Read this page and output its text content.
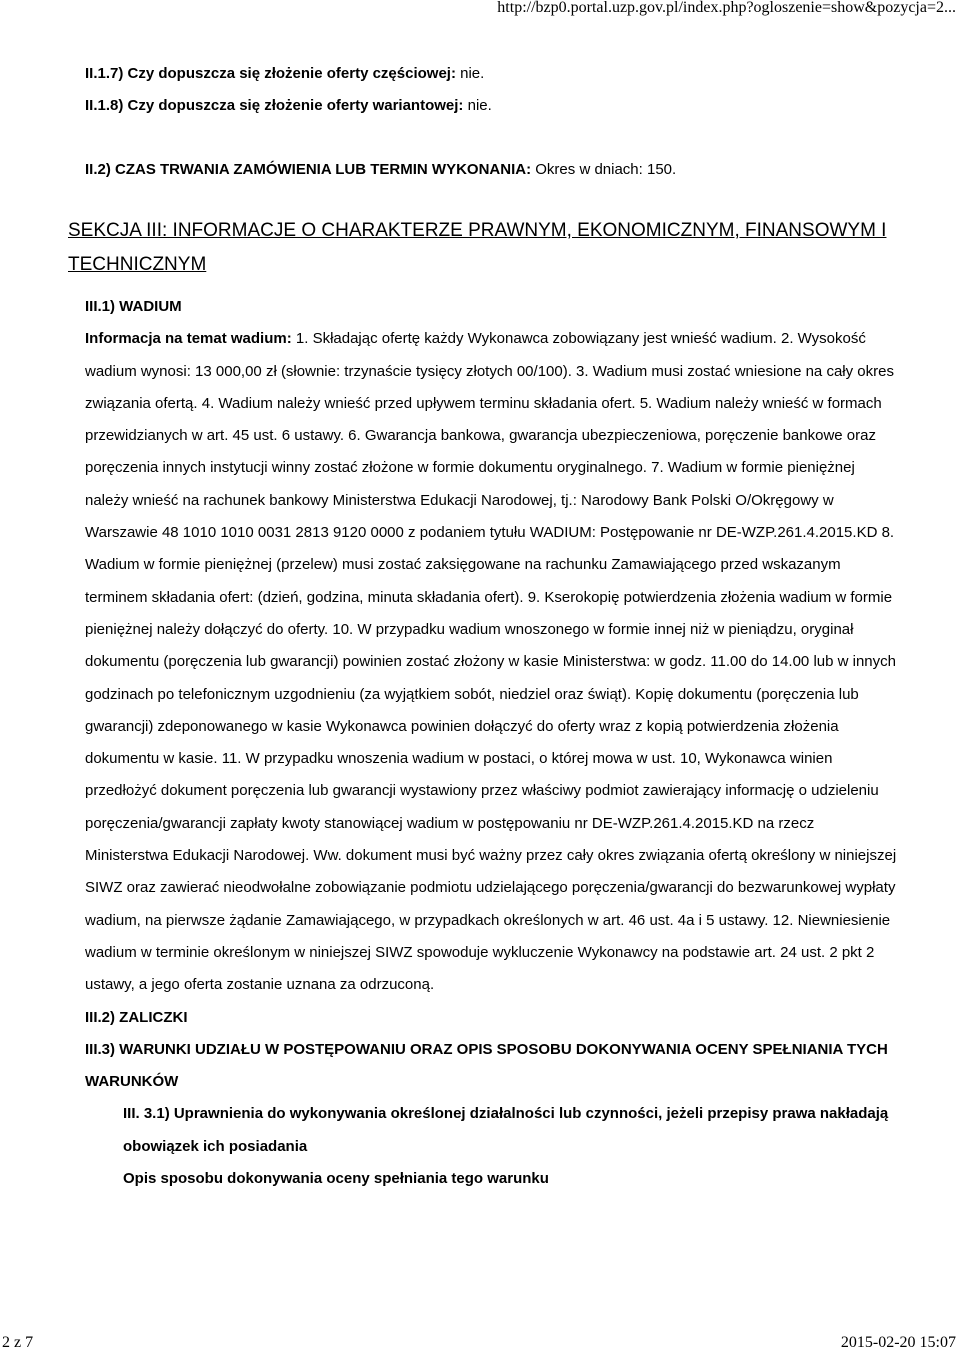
http://bzp0.portal.uzp.gov.pl/index.php?ogloszenie=show&pozycja=2...

II.1.7) Czy dopuszcza się złożenie oferty częściowej: nie.

II.1.8) Czy dopuszcza się złożenie oferty wariantowej: nie.

II.2) CZAS TRWANIA ZAMÓWIENIA LUB TERMIN WYKONANIA: Okres w dniach: 150.

SEKCJA III: INFORMACJE O CHARAKTERZE PRAWNYM, EKONOMICZNYM, FINANSOWYM I TECHNICZNYM

III.1) WADIUM

Informacja na temat wadium: 1. Składając ofertę każdy Wykonawca zobowiązany jest wnieść wadium. 2. Wysokość wadium wynosi: 13 000,00 zł (słownie: trzynaście tysięcy złotych 00/100). 3. Wadium musi zostać wniesione na cały okres związania ofertą. 4. Wadium należy wnieść przed upływem terminu składania ofert. 5. Wadium należy wnieść w formach przewidzianych w art. 45 ust. 6 ustawy. 6. Gwarancja bankowa, gwarancja ubezpieczeniowa, poręczenie bankowe oraz poręczenia innych instytucji winny zostać złożone w formie dokumentu oryginalnego. 7. Wadium w formie pieniężnej należy wnieść na rachunek bankowy Ministerstwa Edukacji Narodowej, tj.: Narodowy Bank Polski O/Okręgowy w Warszawie 48 1010 1010 0031 2813 9120 0000 z podaniem tytułu WADIUM: Postępowanie nr DE-WZP.261.4.2015.KD 8. Wadium w formie pieniężnej (przelew) musi zostać zaksięgowane na rachunku Zamawiającego przed wskazanym terminem składania ofert: (dzień, godzina, minuta składania ofert). 9. Kserokopię potwierdzenia złożenia wadium w formie pieniężnej należy dołączyć do oferty. 10. W przypadku wadium wnoszonego w formie innej niż w pieniądzu, oryginał dokumentu (poręczenia lub gwarancji) powinien zostać złożony w kasie Ministerstwa: w godz. 11.00 do 14.00 lub w innych godzinach po telefonicznym uzgodnieniu (za wyjątkiem sobót, niedziel oraz świąt). Kopię dokumentu (poręczenia lub gwarancji) zdeponowanego w kasie Wykonawca powinien dołączyć do oferty wraz z kopią potwierdzenia złożenia dokumentu w kasie. 11. W przypadku wnoszenia wadium w postaci, o której mowa w ust. 10, Wykonawca winien przedłożyć dokument poręczenia lub gwarancji wystawiony przez właściwy podmiot zawierający informację o udzieleniu poręczenia/gwarancji zapłaty kwoty stanowiącej wadium w postępowaniu nr DE-WZP.261.4.2015.KD na rzecz Ministerstwa Edukacji Narodowej. Ww. dokument musi być ważny przez cały okres związania ofertą określony w niniejszej SIWZ oraz zawierać nieodwołalne zobowiązanie podmiotu udzielającego poręczenia/gwarancji do bezwarunkowej wypłaty wadium, na pierwsze żądanie Zamawiającego, w przypadkach określonych w art. 46 ust. 4a i 5 ustawy. 12. Niewniesienie wadium w terminie określonym w niniejszej SIWZ spowoduje wykluczenie Wykonawcy na podstawie art. 24 ust. 2 pkt 2 ustawy, a jego oferta zostanie uznana za odrzuconą.

III.2) ZALICZKI

III.3) WARUNKI UDZIAŁU W POSTĘPOWANIU ORAZ OPIS SPOSOBU DOKONYWANIA OCENY SPEŁNIANIA TYCH WARUNKÓW

III. 3.1) Uprawnienia do wykonywania określonej działalności lub czynności, jeżeli przepisy prawa nakładają obowiązek ich posiadania

Opis sposobu dokonywania oceny spełniania tego warunku

2 z 7	2015-02-20 15:07
